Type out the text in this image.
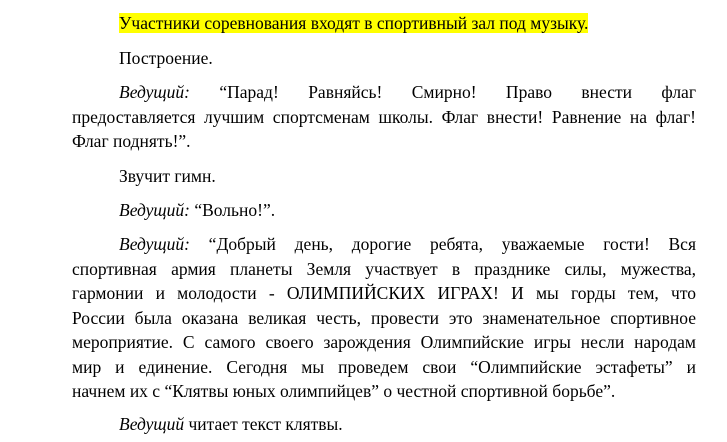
Участники соревнования входят в спортивный зал под музыку.
Построение.
Ведущий: “Парад! Равняйсь! Смирно! Право внести флаг
предоставляется лучшим спортсменам школы. Флаг внести! Равнение на флаг!
Флаг поднять!”.
Звучит гимн.
Ведущий: “Вольно!”.
Ведущий: “Добрый день, дорогие ребята, уважаемые гости! Вся
спортивная армия планеты Земля участвует в празднике силы, мужества,
гармонии и молодости - ОЛИМПИЙСКИХ ИГРАХ! И мы горды тем, что
России была оказана великая честь, провести это знаменательное спортивное
мероприятие. С самого своего зарождения Олимпийские игры несли народам
мир и единение. Сегодня мы проведем свои “Олимпийские эстафеты” и
начнем их с “Клятвы юных олимпийцев” о честной спортивной борьбе”.
Ведущий читает текст клятвы.
